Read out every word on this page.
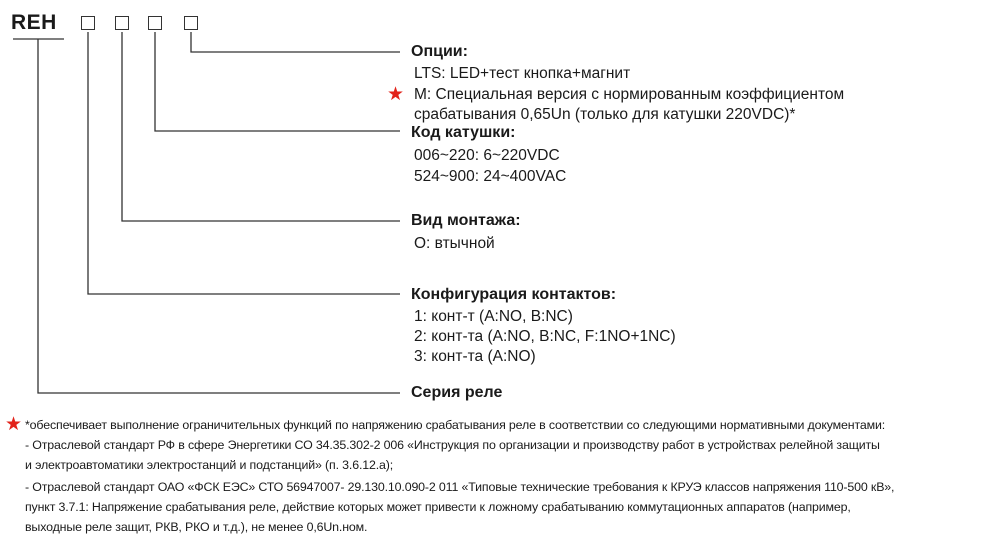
REH
Опции:
LTS: LED+тест кнопка+магнит
★ M: Специальная версия с нормированным коэффициентом
срабатывания 0,65Un (только для катушки 220VDC)*
Код катушки:
006~220: 6~220VDC
524~900: 24~400VAC
Вид монтажа:
O: втычной
Конфигурация контактов:
1: конт-т (A:NO, B:NC)
2: конт-та (A:NO, B:NC, F:1NO+1NC)
3: конт-та (A:NO)
Серия реле
★ *обеспечивает выполнение ограничительных функций по напряжению срабатывания реле в соответствии со следующими нормативными документами:
- Отраслевой стандарт РФ в сфере Энергетики СО 34.35.302-2 006 «Инструкция по организации и производству работ в устройствах релейной защиты
и электроавтоматики электростанций и подстанций» (п. 3.6.12.а);
- Отраслевой стандарт ОАО «ФСК ЕЭС» СТО 56947007- 29.130.10.090-2 011 «Типовые технические требования к КРУЭ классов напряжения 110-500 кВ»,
пункт 3.7.1: Напряжение срабатывания реле, действие которых может привести к ложному срабатыванию коммутационных аппаратов (например,
выходные реле защит, РКВ, РКО и т.д.), не менее 0,6Un.ном.
